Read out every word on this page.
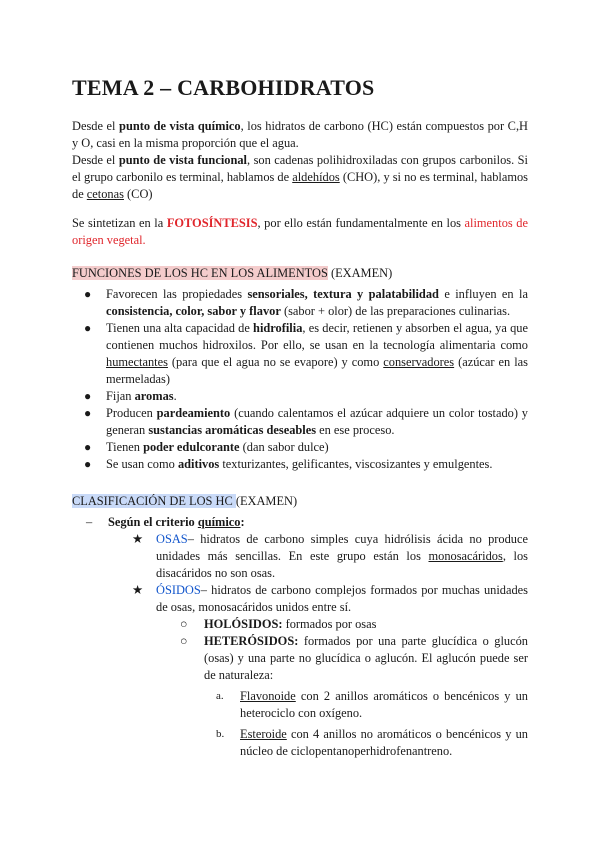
TEMA 2 – CARBOHIDRATOS

Desde el punto de vista químico, los hidratos de carbono (HC) están compuestos por C,H y O, casi en la misma proporción que el agua.

Desde el punto de vista funcional, son cadenas polihidroxiladas con grupos carbonilos. Si el grupo carbonilo es terminal, hablamos de aldehídos (CHO), y si no es terminal, hablamos de cetonas (CO)

Se sintetizan en la FOTOSÍNTESIS, por ello están fundamentalmente en los alimentos de origen vegetal.

FUNCIONES DE LOS HC EN LOS ALIMENTOS (EXAMEN)
● Favorecen las propiedades sensoriales, textura y palatabilidad e influyen en la consistencia, color, sabor y flavor (sabor + olor) de las preparaciones culinarias.
● Tienen una alta capacidad de hidrofilia, es decir, retienen y absorben el agua, ya que contienen muchos hidroxilos. Por ello, se usan en la tecnología alimentaria como humectantes (para que el agua no se evapore) y como conservadores (azúcar en las mermeladas)
● Fijan aromas.
● Producen pardeamiento (cuando calentamos el azúcar adquiere un color tostado) y generan sustancias aromáticas deseables en ese proceso.
● Tienen poder edulcorante (dan sabor dulce)
● Se usan como aditivos texturizantes, gelificantes, viscosizantes y emulgentes.
CLASIFICACIÓN DE LOS HC (EXAMEN)
– Según el criterio químico:
★ OSAS– hidratos de carbono simples cuya hidrólisis ácida no produce unidades más sencillas. En este grupo están los monosacáridos, los disacáridos no son osas.
★ ÓSIDOS– hidratos de carbono complejos formados por muchas unidades de osas, monosacáridos unidos entre sí.
○ HOLÓSIDOS: formados por osas
○ HETERÓSIDOS: formados por una parte glucídica o glucón (osas) y una parte no glucídica o aglucón. El aglucón puede ser de naturaleza:
a. Flavonoide con 2 anillos aromáticos o bencénicos y un heterociclo con oxígeno.
b. Esteroide con 4 anillos no aromáticos o bencénicos y un núcleo de ciclopentanoperhidrofenantreno.
